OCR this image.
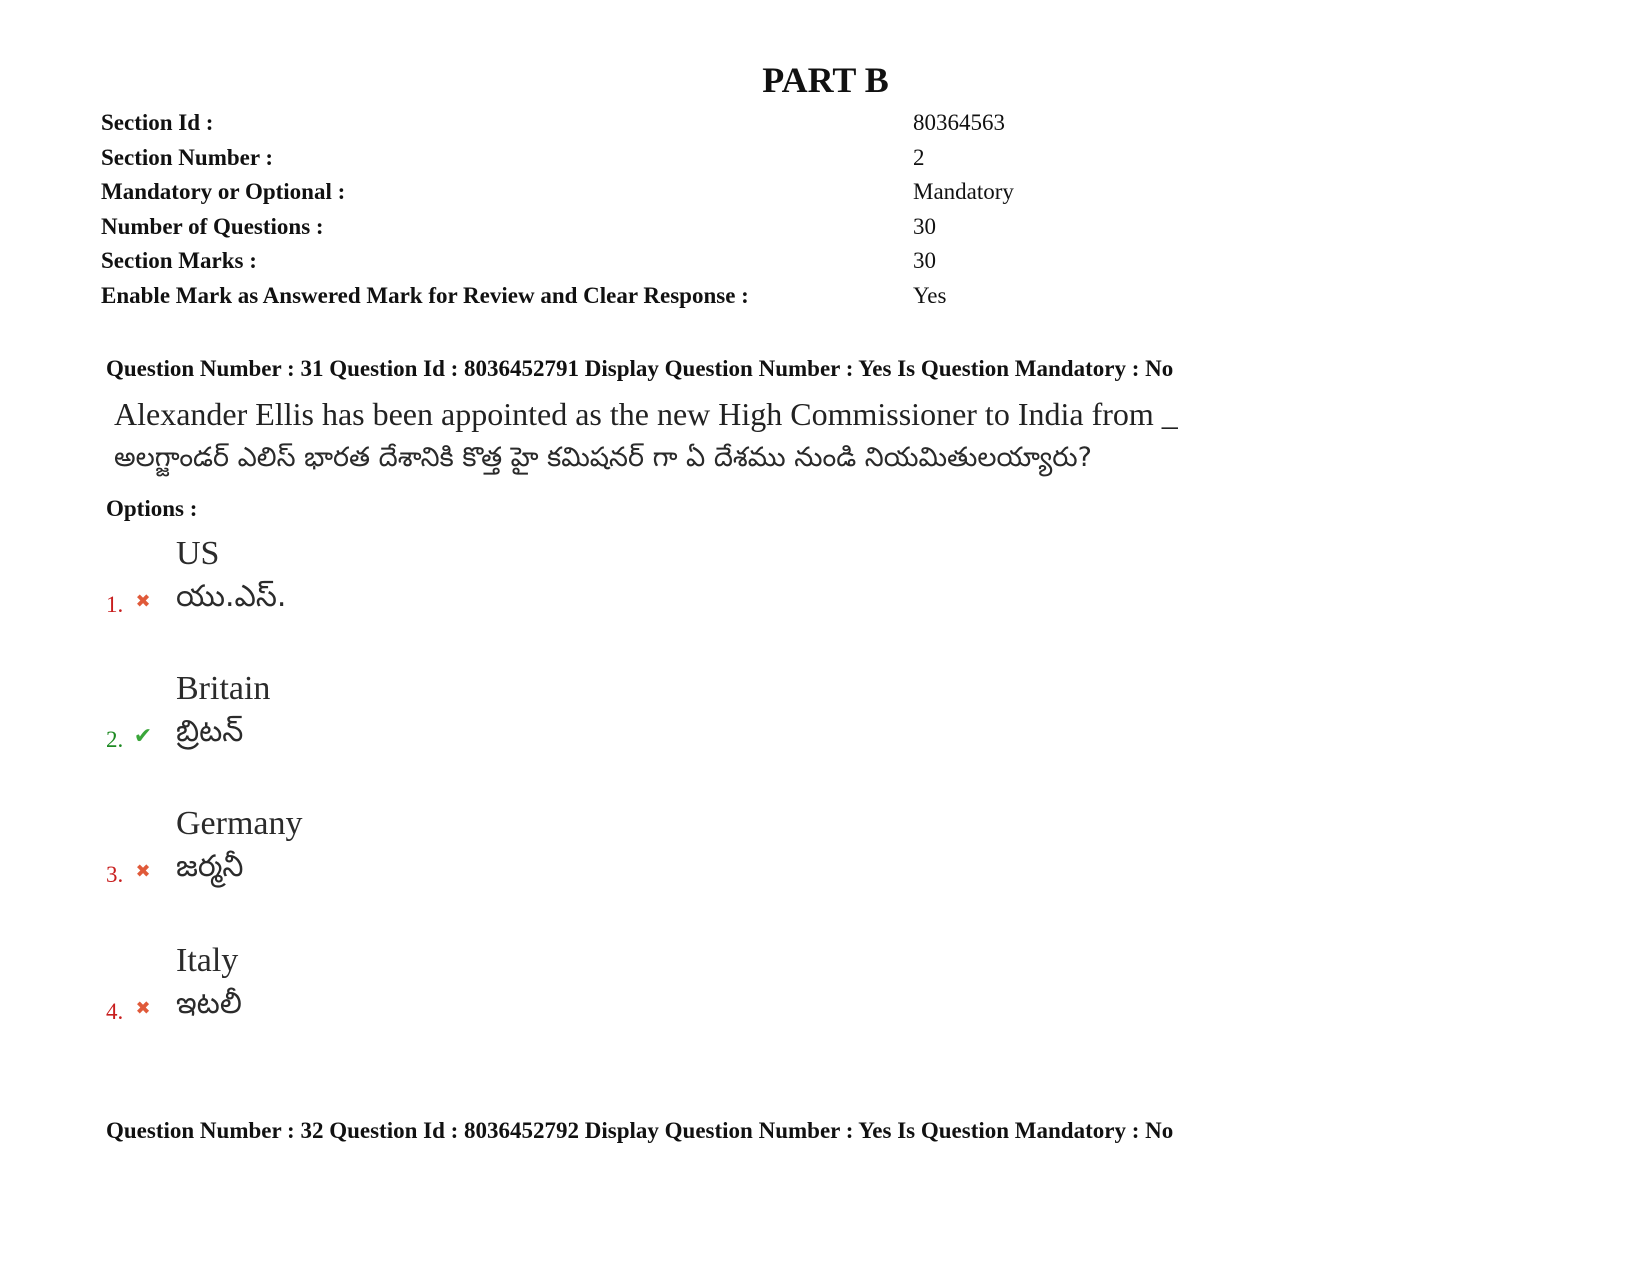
PART B
Section Id :	80364563
Section Number :	2
Mandatory or Optional :	Mandatory
Number of Questions :	30
Section Marks :	30
Enable Mark as Answered Mark for Review and Clear Response :	Yes
Question Number : 31 Question Id : 8036452791 Display Question Number : Yes Is Question Mandatory : No
Alexander Ellis has been appointed as the new High Commissioner to India from _
అలగ్జాండర్ ఎలిస్ భారత దేశానికి కొత్త హై కమిషనర్ గా ఏ దేశము నుండి నియమితులయ్యారు?
Options :
1. ✖
US
యు.ఎస్.
2. ✔
Britain
బ్రిటన్
3. ✖
Germany
జర్మనీ
4. ✖
Italy
ఇటలీ
Question Number : 32 Question Id : 8036452792 Display Question Number : Yes Is Question Mandatory : No
